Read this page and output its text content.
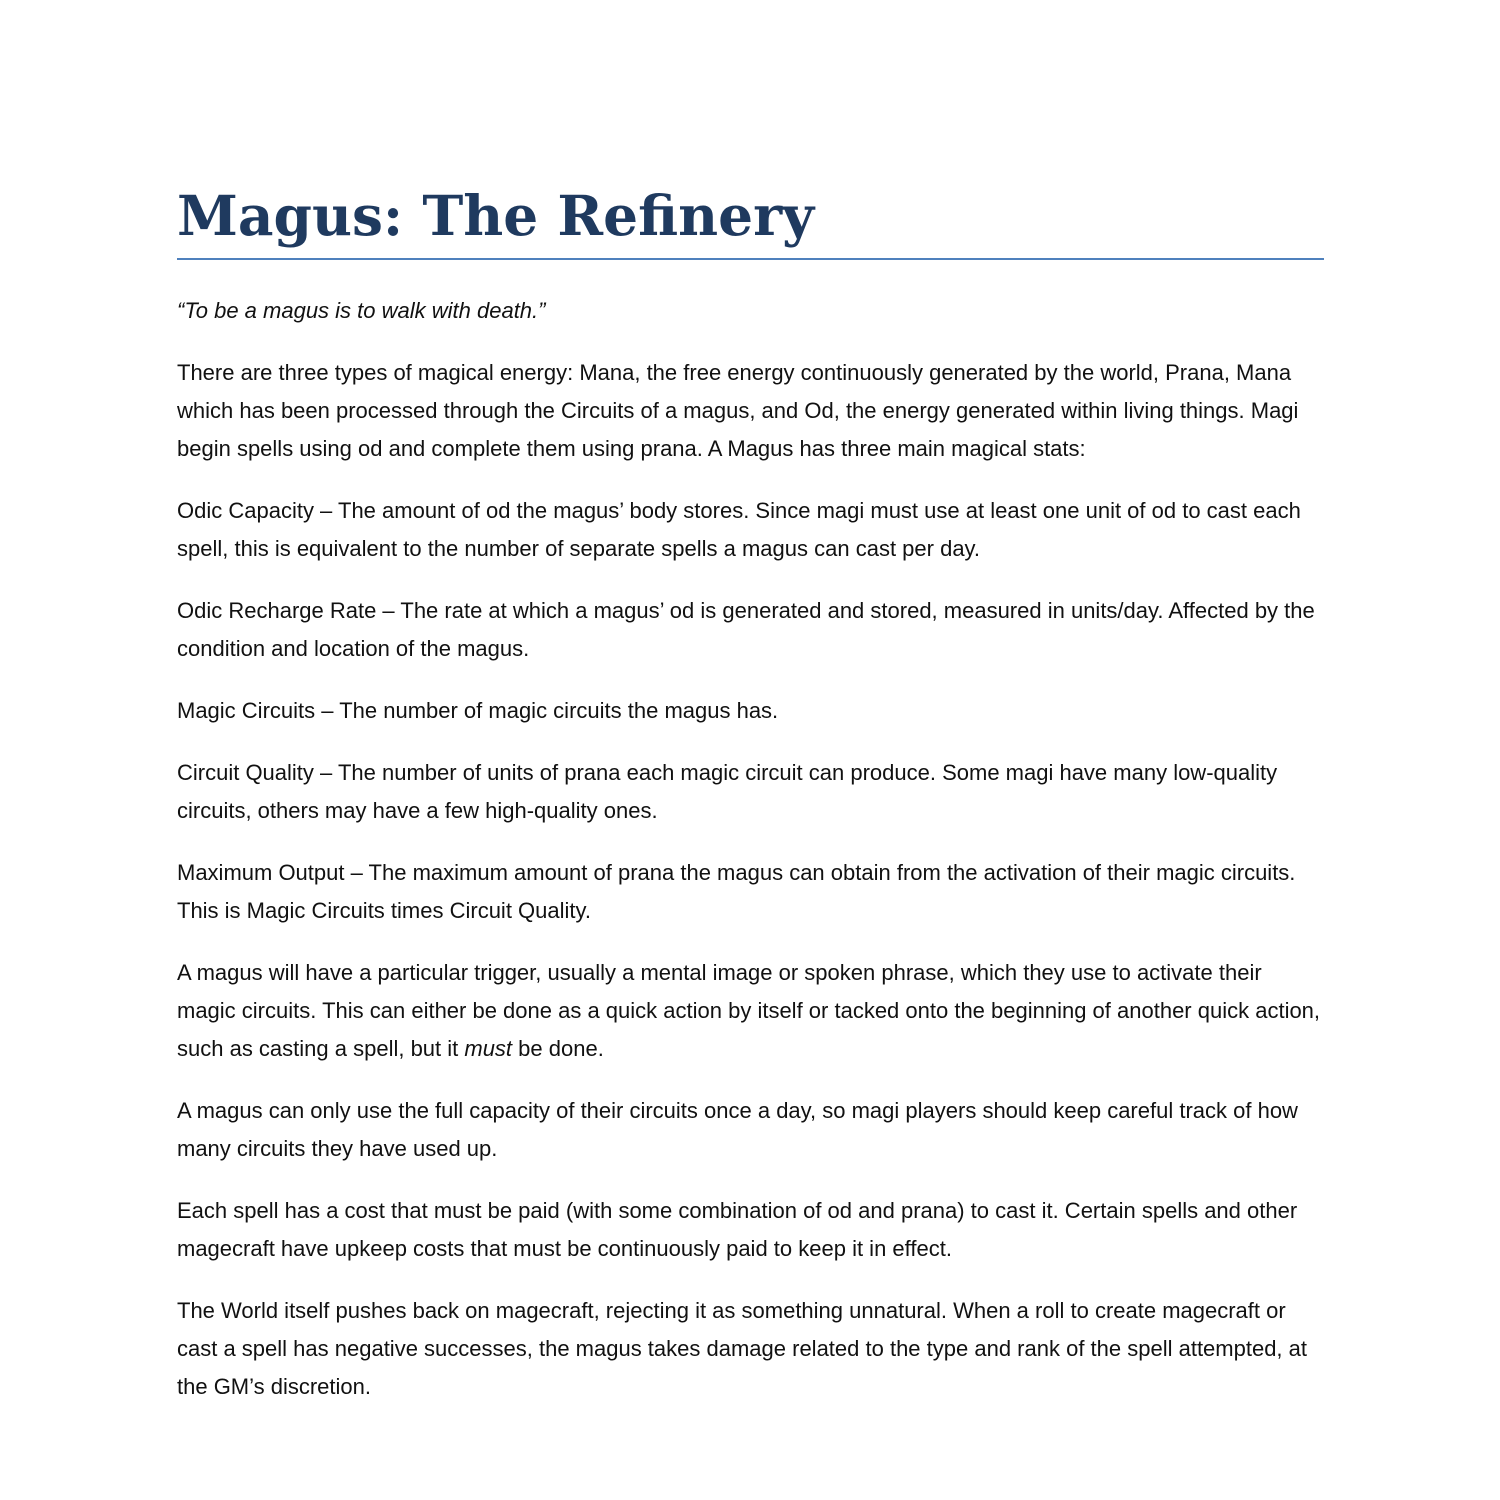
Magus: The Refinery

“To be a magus is to walk with death.”

There are three types of magical energy: Mana, the free energy continuously generated by the world, Prana, Mana which has been processed through the Circuits of a magus, and Od, the energy generated within living things. Magi begin spells using od and complete them using prana. A Magus has three main magical stats:

Odic Capacity – The amount of od the magus’ body stores. Since magi must use at least one unit of od to cast each spell, this is equivalent to the number of separate spells a magus can cast per day.

Odic Recharge Rate – The rate at which a magus’ od is generated and stored, measured in units/day. Affected by the condition and location of the magus.

Magic Circuits – The number of magic circuits the magus has.

Circuit Quality – The number of units of prana each magic circuit can produce. Some magi have many low-quality circuits, others may have a few high-quality ones.

Maximum Output – The maximum amount of prana the magus can obtain from the activation of their magic circuits. This is Magic Circuits times Circuit Quality.

A magus will have a particular trigger, usually a mental image or spoken phrase, which they use to activate their magic circuits. This can either be done as a quick action by itself or tacked onto the beginning of another quick action, such as casting a spell, but it must be done.

A magus can only use the full capacity of their circuits once a day, so magi players should keep careful track of how many circuits they have used up.

Each spell has a cost that must be paid (with some combination of od and prana) to cast it. Certain spells and other magecraft have upkeep costs that must be continuously paid to keep it in effect.

The World itself pushes back on magecraft, rejecting it as something unnatural. When a roll to create magecraft or cast a spell has negative successes, the magus takes damage related to the type and rank of the spell attempted, at the GM’s discretion.
